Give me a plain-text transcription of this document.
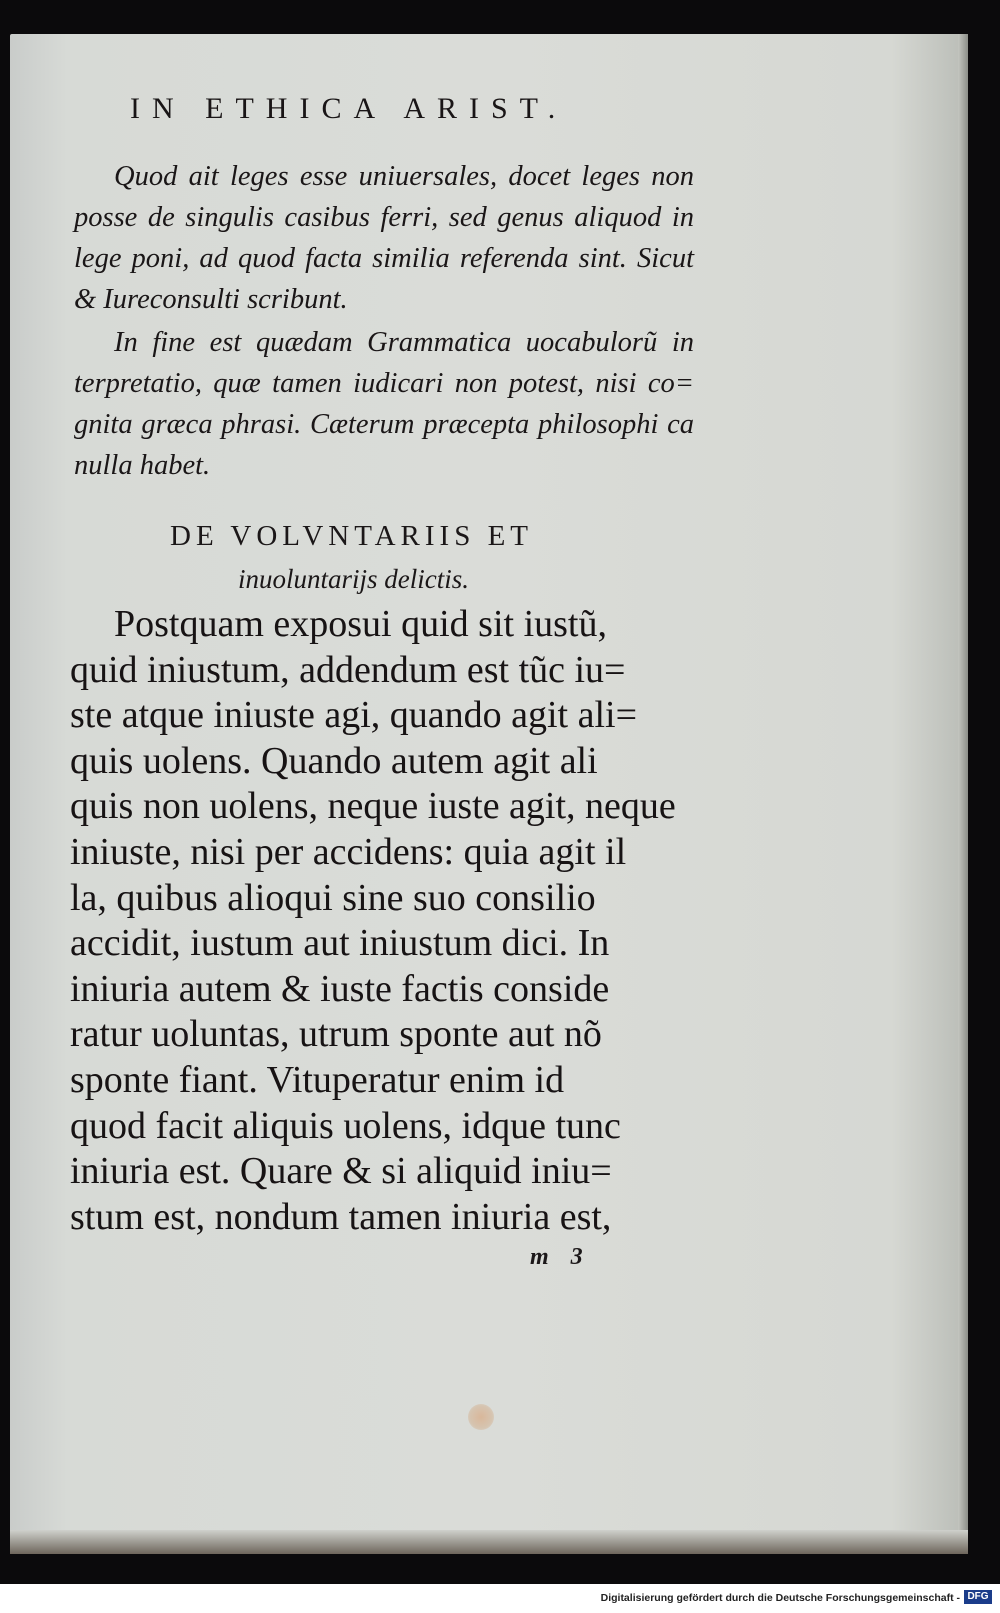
IN ETHICA ARIST.

Quod ait leges esse uniuersales, docet leges non posse de singulis casibus ferri, sed genus aliquod in lege poni, ad quod facta similia referenda sint. Sicut & Iureconsulti scribunt.

In fine est quædam Grammatica uocabulorũ in terpretatio, quæ tamen iudicari non potest, nisi co= gnita græca phrasi. Cæterum præcepta philosophi ca nulla habet.

DE VOLVNTARIIS ET
inuoluntarijs delictis.
Postquam exposui quid sit iustũ,
quid iniustum, addendum est tũc iu=
ste atque iniuste agi, quando agit ali=
quis uolens. Quando autem agit ali
quis non uolens, neque iuste agit, neque
iniuste, nisi per accidens: quia agit il
la, quibus alioqui sine suo consilio
accidit, iustum aut iniustum dici. In
iniuria autem & iuste factis conside
ratur uoluntas, utrum sponte aut nõ
sponte fiant. Vituperatur enim id
quod facit aliquis uolens, idque tunc
iniuria est. Quare & si aliquid iniu=
stum est, nondum tamen iniuria est,
m 3
Digitalisierung gefördert durch die Deutsche Forschungsgemeinschaft - DFG
